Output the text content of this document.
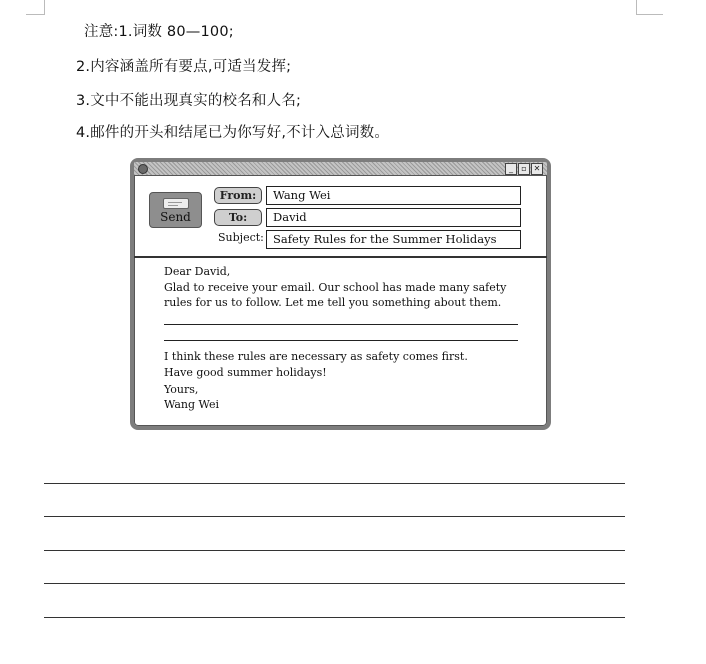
注意:1.词数 80—100;
2.内容涵盖所有要点,可适当发挥;
3.文中不能出现真实的校名和人名;
4.邮件的开头和结尾已为你写好,不计入总词数。
_	▫ ✕
Send
From:
To:
Subject:
Wang Wei
David
Safety Rules for the Summer Holidays
Dear David,
Glad to receive your email. Our school has made many safety
rules for us to follow. Let me tell you something about them.
I think these rules are necessary as safety comes first.
Have good summer holidays!
Yours,
Wang Wei
